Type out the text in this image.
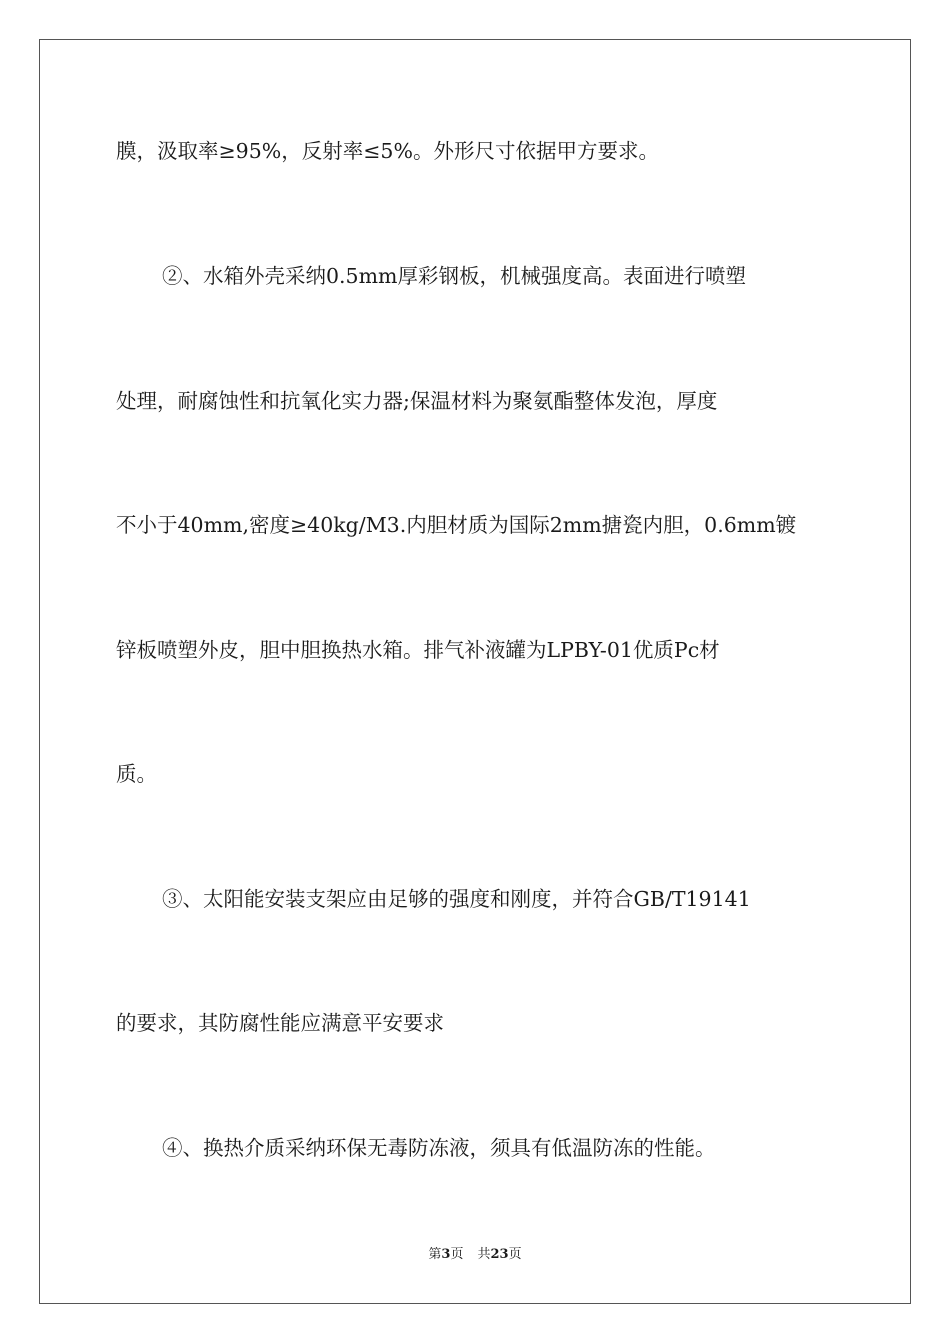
膜，汲取率≥95%，反射率≤5%。外形尺寸依据甲方要求。
②、水箱外壳采纳0.5mm厚彩钢板，机械强度高。表面进行喷塑
处理，耐腐蚀性和抗氧化实力器;保温材料为聚氨酯整体发泡，厚度
不小于40mm,密度≥40kg/M3.内胆材质为国际2mm搪瓷内胆，0.6mm镀
锌板喷塑外皮，胆中胆换热水箱。排气补液罐为LPBY-01优质Pc材
质。
③、太阳能安装支架应由足够的强度和刚度，并符合GB/T19141
的要求，其防腐性能应满意平安要求
④、换热介质采纳环保无毒防冻液，须具有低温防冻的性能。
第3页 共23页
